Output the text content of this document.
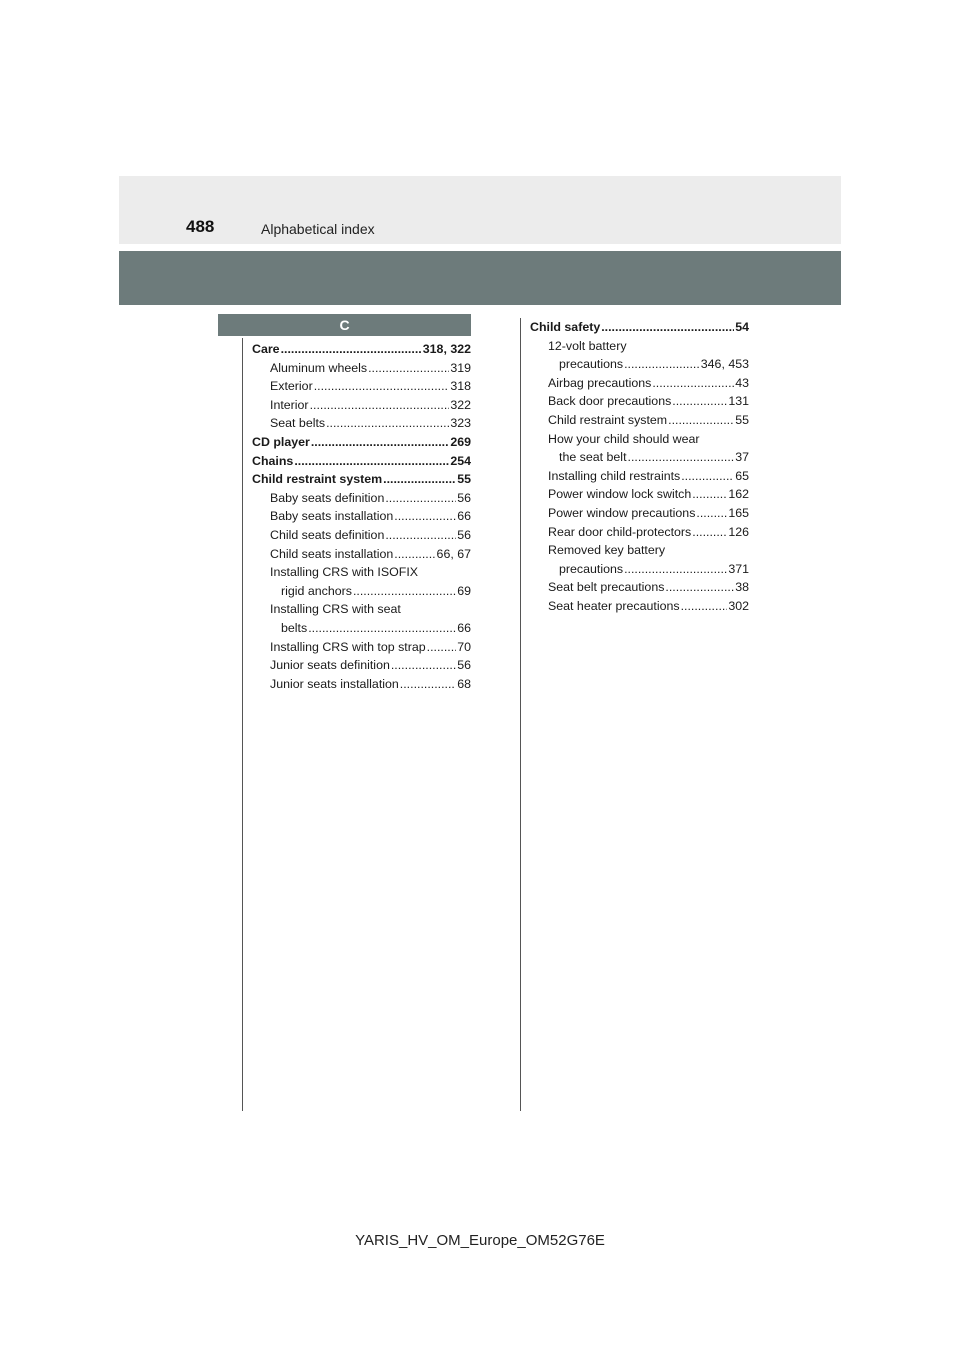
488	Alphabetical index
C
Care .....	318, 322
Aluminum wheels .....	319
Exterior .....	318
Interior .....	322
Seat belts .....	323
CD player .....	269
Chains .....	254
Child restraint system .....	55
Baby seats definition .....	56
Baby seats installation .....	66
Child seats definition .....	56
Child seats installation .....	66, 67
Installing CRS with ISOFIX
rigid anchors .....	69
Installing CRS with seat
belts .....	66
Installing CRS with top strap .....	70
Junior seats definition .....	56
Junior seats installation .....	68
Child safety .....	54
12-volt battery
precautions .....	346, 453
Airbag precautions .....	43
Back door precautions .....	131
Child restraint system .....	55
How your child should wear
the seat belt .....	37
Installing child restraints .....	65
Power window lock switch .....	162
Power window precautions .....	165
Rear door child-protectors .....	126
Removed key battery
precautions .....	371
Seat belt precautions .....	38
Seat heater precautions .....	302
YARIS_HV_OM_Europe_OM52G76E
